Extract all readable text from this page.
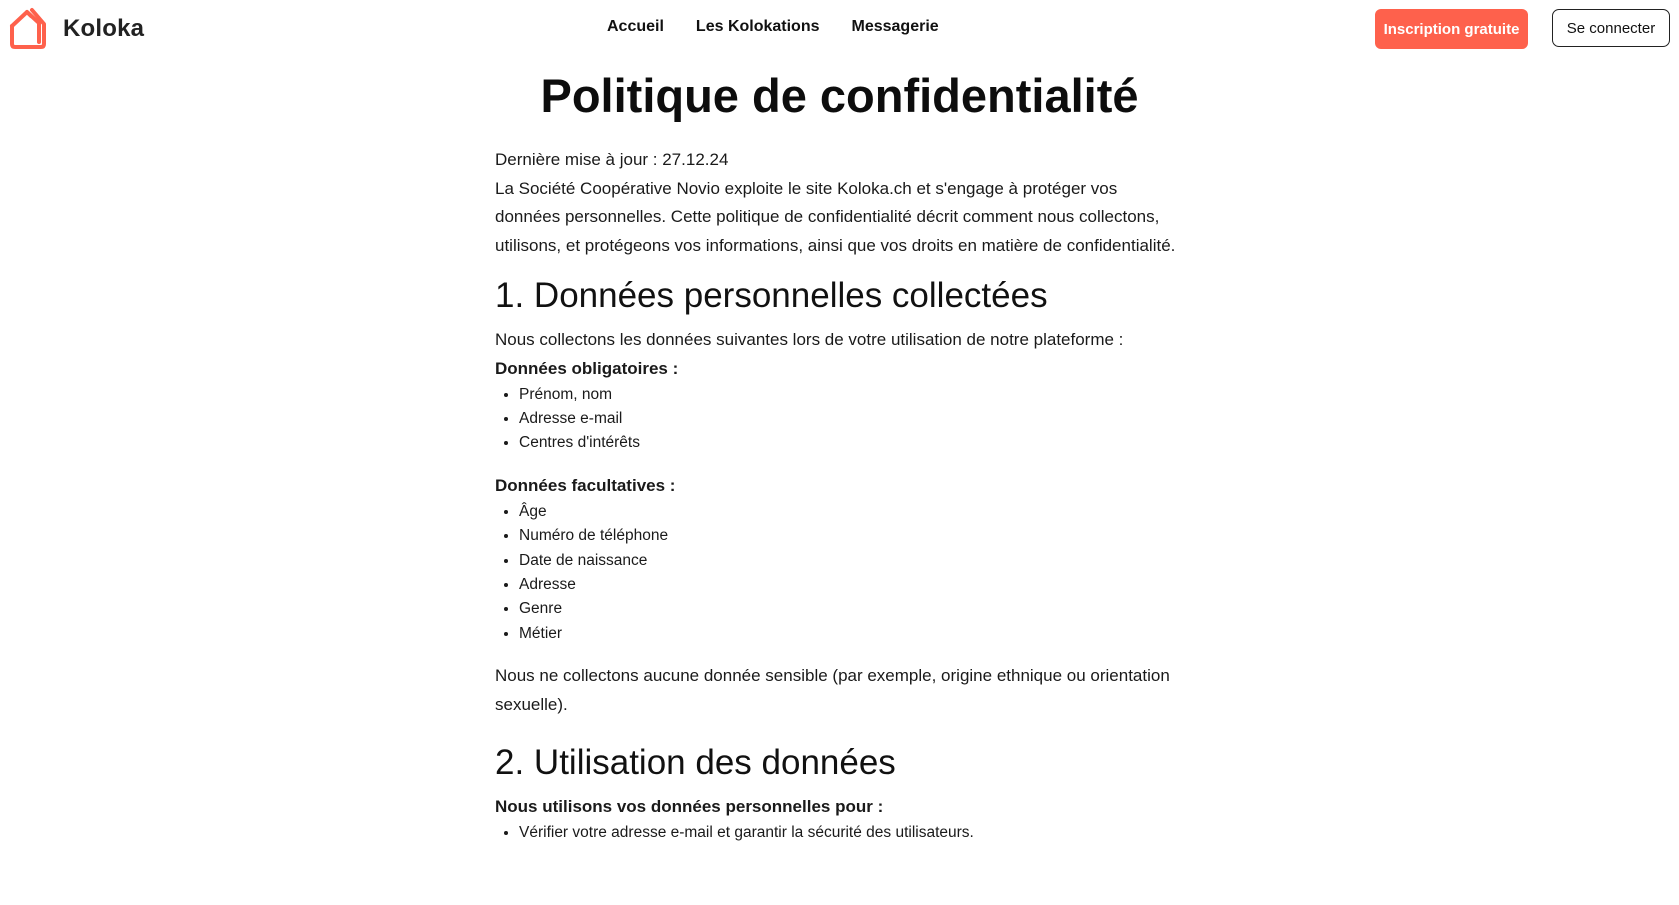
Koloka	Accueil Les Kolokations Messagerie	Inscription gratuite	Se connecter
Politique de confidentialité

Dernière mise à jour : 27.12.24

La Société Coopérative Novio exploite le site Koloka.ch et s'engage à protéger vos données personnelles. Cette politique de confidentialité décrit comment nous collectons, utilisons, et protégeons vos informations, ainsi que vos droits en matière de confidentialité.

1. Données personnelles collectées

Nous collectons les données suivantes lors de votre utilisation de notre plateforme :

Données obligatoires :

• Prénom, nom
• Adresse e-mail
• Centres d'intérêts

Données facultatives :

• Âge
• Numéro de téléphone
• Date de naissance
• Adresse
• Genre
• Métier

Nous ne collectons aucune donnée sensible (par exemple, origine ethnique ou orientation sexuelle).

2. Utilisation des données

Nous utilisons vos données personnelles pour :

• Vérifier votre adresse e-mail et garantir la sécurité des utilisateurs.
